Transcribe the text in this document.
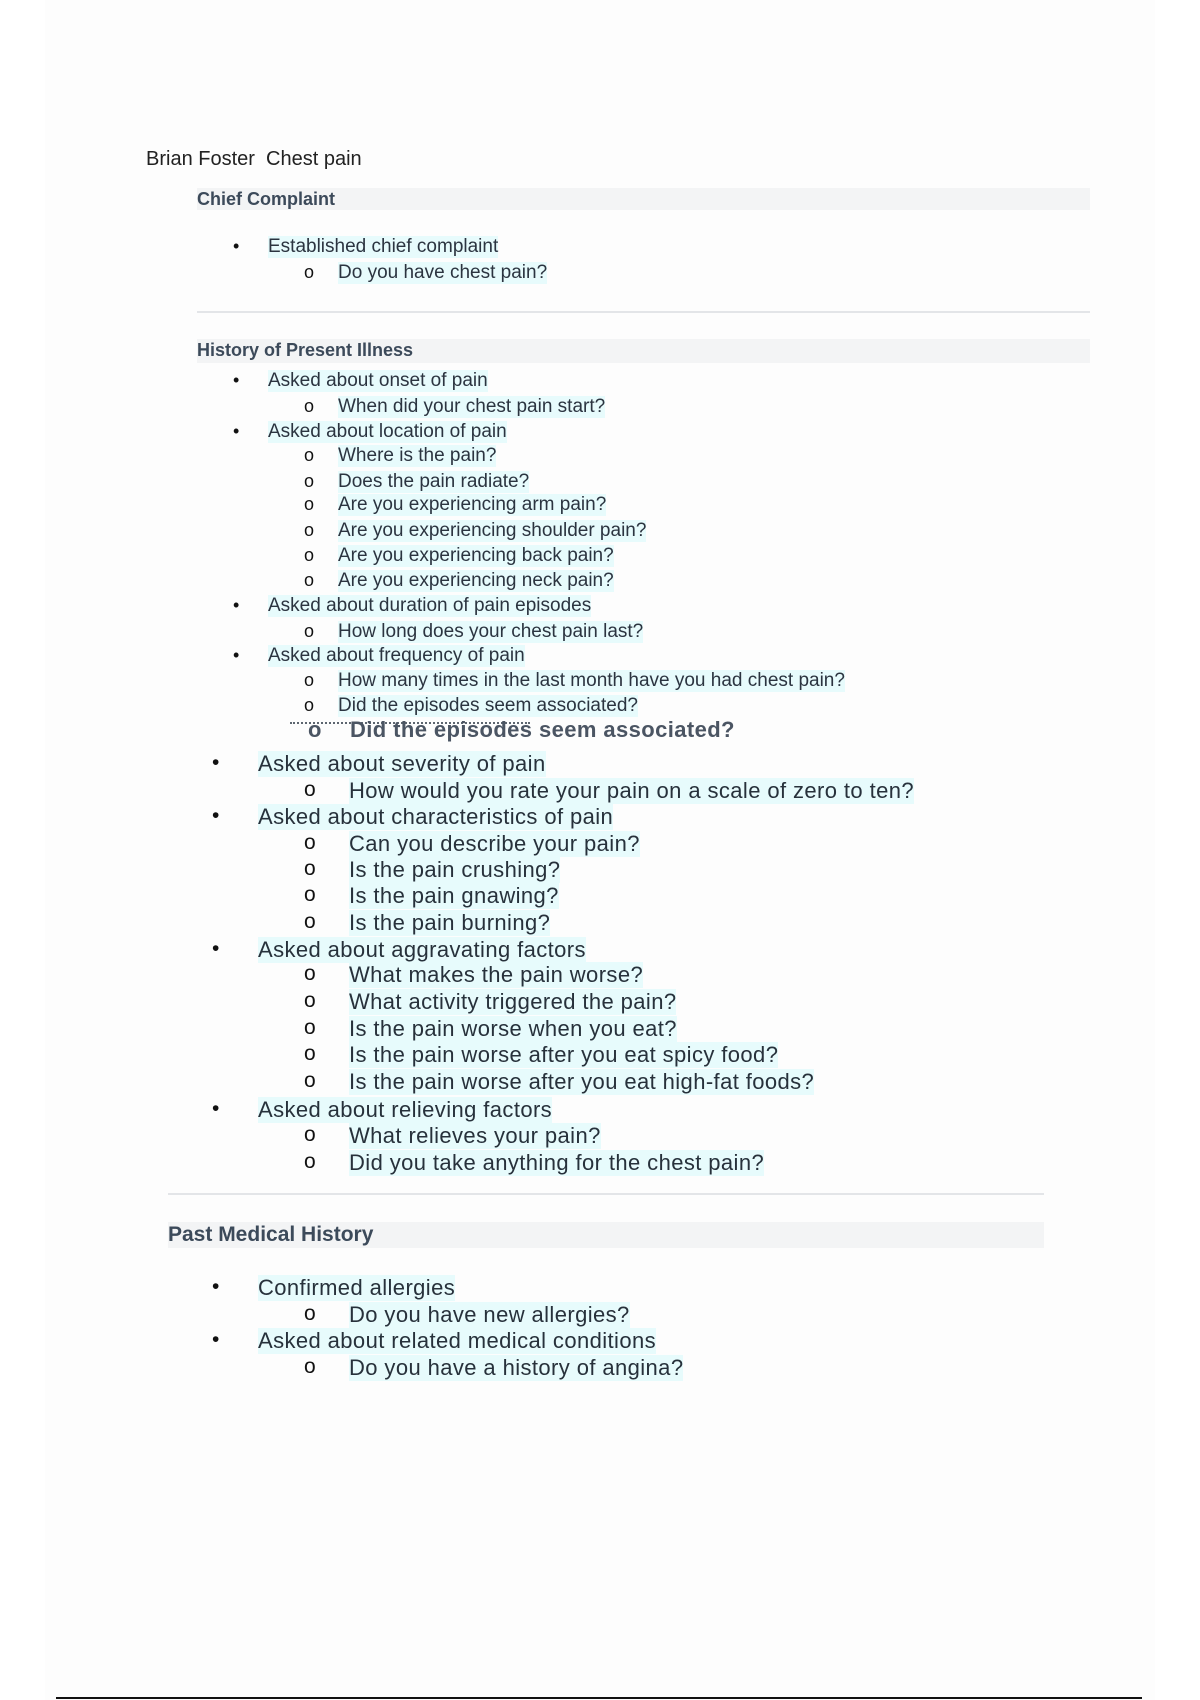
Brian Foster  Chest pain
Chief Complaint
• Established chief complaint
o Do you have chest pain?
History of Present Illness
• Asked about onset of pain
o When did your chest pain start?
• Asked about location of pain
o Where is the pain?
o Does the pain radiate?
o Are you experiencing arm pain?
o Are you experiencing shoulder pain?
o Are you experiencing back pain?
o Are you experiencing neck pain?
• Asked about duration of pain episodes
o How long does your chest pain last?
• Asked about frequency of pain
o How many times in the last month have you had chest pain?
o Did the episodes seem associated?
o Did the episodes seem associated?
• Asked about severity of pain
o How would you rate your pain on a scale of zero to ten?
• Asked about characteristics of pain
o Can you describe your pain?
o Is the pain crushing?
o Is the pain gnawing?
o Is the pain burning?
• Asked about aggravating factors
o What makes the pain worse?
o What activity triggered the pain?
o Is the pain worse when you eat?
o Is the pain worse after you eat spicy food?
o Is the pain worse after you eat high-fat foods?
• Asked about relieving factors
o What relieves your pain?
o Did you take anything for the chest pain?
Past Medical History
• Confirmed allergies
o Do you have new allergies?
• Asked about related medical conditions
o Do you have a history of angina?
